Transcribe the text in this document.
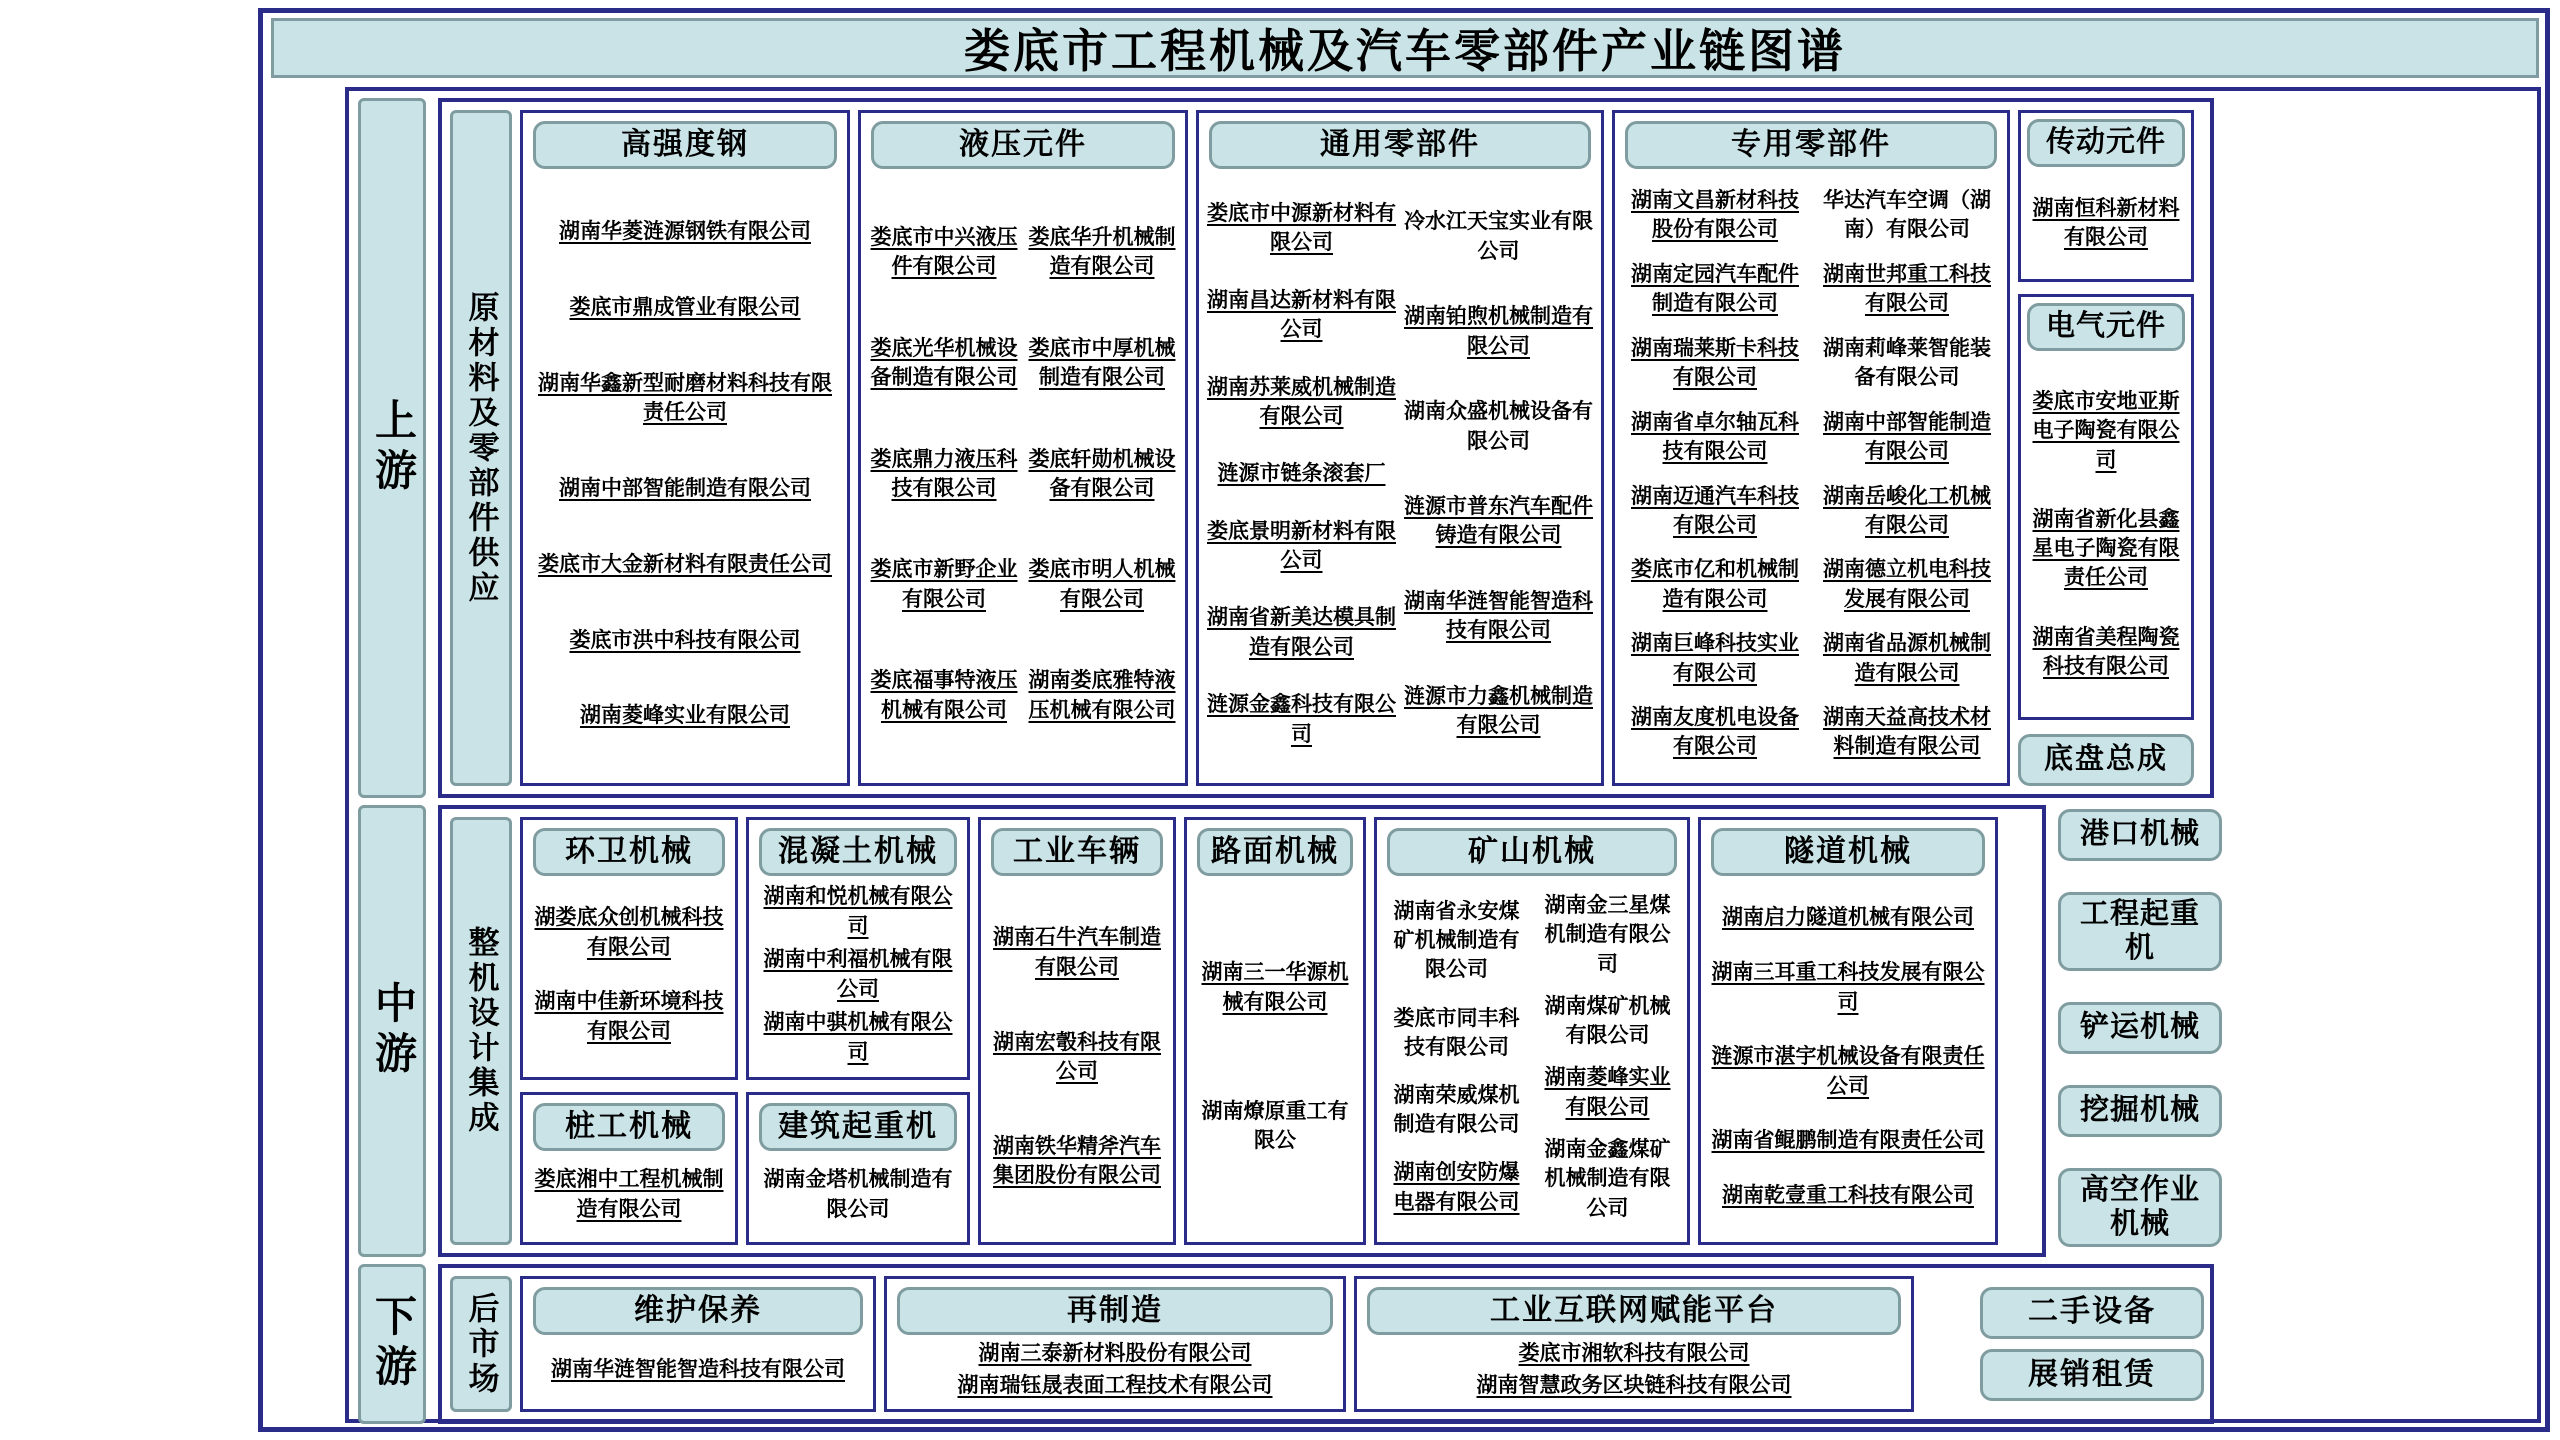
娄底市工程机械及汽车零部件产业链图谱
上游	原材料及零部件供应
高强度钢
湖南华菱涟源钢铁有限公司
娄底市鼎成管业有限公司
湖南华鑫新型耐磨材料科技有限责任公司
湖南中部智能制造有限公司
娄底市大金新材料有限责任公司
娄底市洪中科技有限公司
湖南菱峰实业有限公司
液压元件
娄底市中兴液压件有限公司
娄底光华机械设备制造有限公司
娄底鼎力液压科技有限公司
娄底市新野企业有限公司
娄底福事特液压机械有限公司
娄底华升机械制造有限公司
娄底市中厚机械制造有限公司
娄底轩勋机械设备有限公司
娄底市明人机械有限公司
湖南娄底雅特液压机械有限公司
通用零部件
娄底市中源新材料有限公司
湖南昌达新材料有限公司
湖南苏莱威机械制造有限公司
涟源市链条滚套厂
娄底景明新材料有限公司
湖南省新美达模具制造有限公司
涟源金鑫科技有限公司
冷水江天宝实业有限公司
湖南铂煦机械制造有限公司
湖南众盛机械设备有限公司
涟源市普东汽车配件铸造有限公司
湖南华涟智能智造科技有限公司
涟源市力鑫机械制造有限公司
专用零部件
湖南文昌新材科技股份有限公司
湖南定园汽车配件制造有限公司
湖南瑞莱斯卡科技有限公司
湖南省卓尔轴瓦科技有限公司
湖南迈通汽车科技有限公司
娄底市亿和机械制造有限公司
湖南巨峰科技实业有限公司
湖南友度机电设备有限公司
华达汽车空调（湖南）有限公司
湖南世邦重工科技有限公司
湖南莉峰莱智能装备有限公司
湖南中部智能制造有限公司
湖南岳峻化工机械有限公司
湖南德立机电科技发展有限公司
湖南省品源机械制造有限公司
湖南天益高技术材料制造有限公司
传动元件
湖南恒科新材料有限公司
电气元件
娄底市安地亚斯电子陶瓷有限公司
湖南省新化县鑫星电子陶瓷有限责任公司
湖南省美程陶瓷科技有限公司
底盘总成
中游	整机设计集成
环卫机械
湖娄底众创机械科技有限公司
湖南中佳新环境科技有限公司
桩工机械
娄底湘中工程机械制造有限公司
混凝土机械
湖南和悦机械有限公司
湖南中利福机械有限公司
湖南中骐机械有限公司
建筑起重机
湖南金塔机械制造有限公司
工业车辆
湖南石牛汽车制造有限公司
湖南宏彀科技有限公司
湖南铁华精斧汽车集团股份有限公司
路面机械
湖南三一华源机械有限公司
湖南燎原重工有限公
矿山机械
湖南省永安煤矿机械制造有限公司
娄底市同丰科技有限公司
湖南荣威煤机制造有限公司
湖南创安防爆电器有限公司
湖南金三星煤机制造有限公司
湖南煤矿机械有限公司
湖南菱峰实业有限公司
湖南金鑫煤矿机械制造有限公司
隧道机械
湖南启力隧道机械有限公司
湖南三耳重工科技发展有限公司
涟源市湛宇机械设备有限责任公司
湖南省鲲鹏制造有限责任公司
湖南乾壹重工科技有限公司
港口机械
工程起重机
铲运机械
挖掘机械
高空作业机械
下游	后市场	维护保养
湖南华涟智能智造科技有限公司
再制造
湖南三泰新材料股份有限公司
湖南瑞钰晟表面工程技术有限公司
工业互联网赋能平台
娄底市湘软科技有限公司
湖南智慧政务区块链科技有限公司
二手设备
展销租赁
